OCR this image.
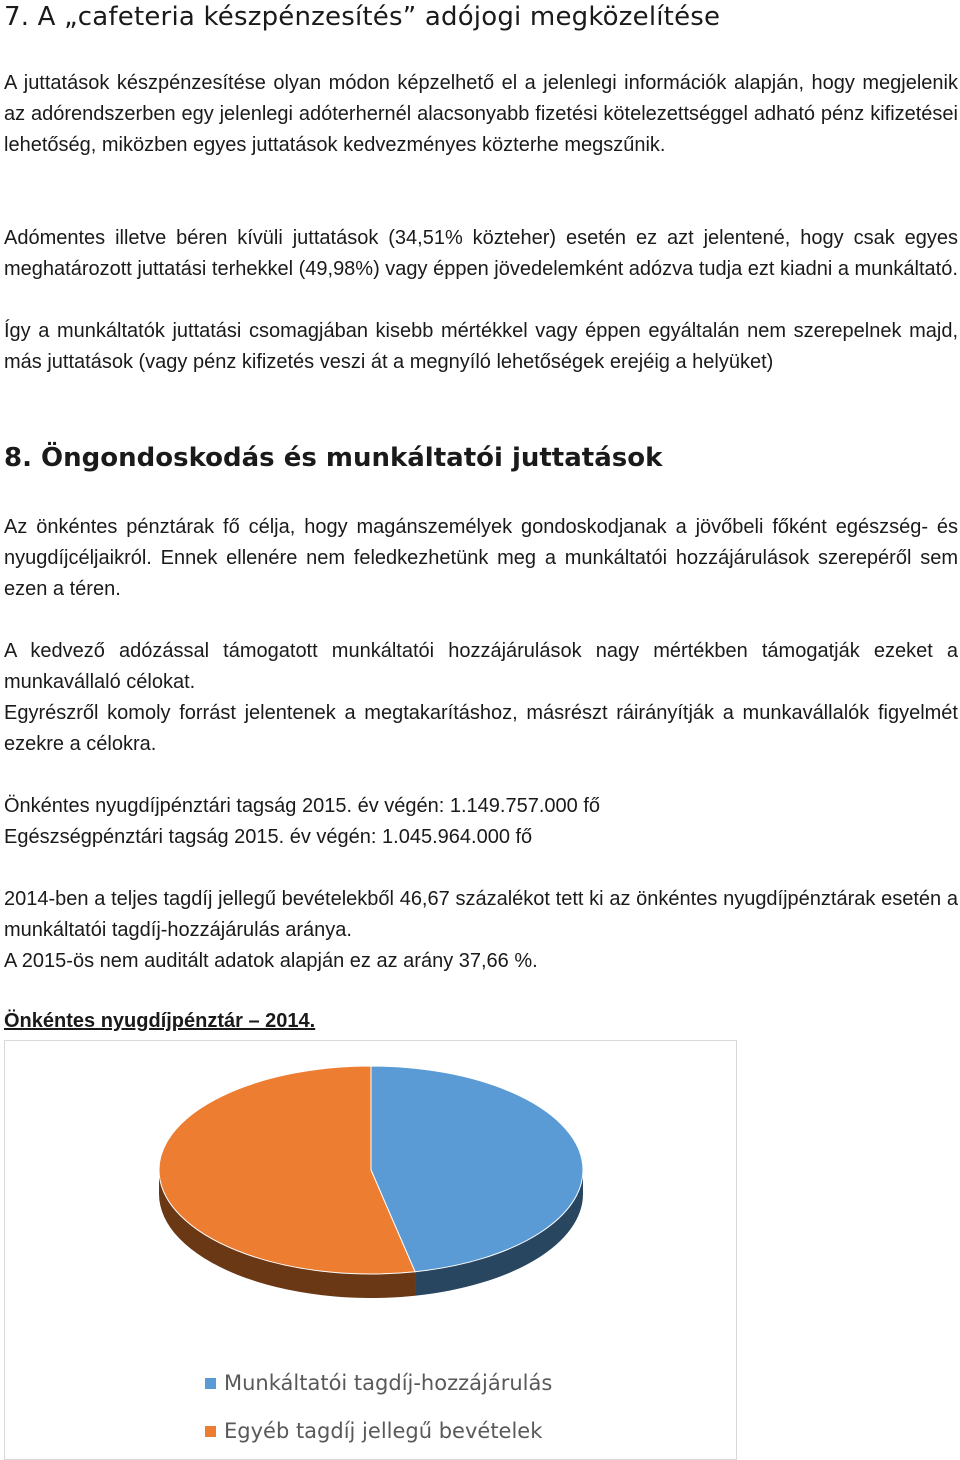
7. A „cafeteria készpénzesítés” adójogi megközelítése

A juttatások készpénzesítése olyan módon képzelhető el a jelenlegi információk alapján, hogy megjelenik az adórendszerben egy jelenlegi adóterhernél alacsonyabb fizetési kötelezettséggel adható pénz kifizetései lehetőség, miközben egyes juttatások kedvezményes közterhe megszűnik.

Adómentes illetve béren kívüli juttatások (34,51% közteher) esetén ez azt jelentené, hogy csak egyes meghatározott juttatási terhekkel (49,98%) vagy éppen jövedelemként adózva tudja ezt kiadni a munkáltató.

Így a munkáltatók juttatási csomagjában kisebb mértékkel vagy éppen egyáltalán nem szerepelnek majd, más juttatások (vagy pénz kifizetés veszi át a megnyíló lehetőségek erejéig a helyüket)

8. Öngondoskodás és munkáltatói juttatások

Az önkéntes pénztárak fő célja, hogy magánszemélyek gondoskodjanak a jövőbeli főként egészség- és nyugdíjcéljaikról. Ennek ellenére nem feledkezhetünk meg a munkáltatói hozzájárulások szerepéről sem ezen a téren.

A kedvező adózással támogatott munkáltatói hozzájárulások nagy mértékben támogatják ezeket a munkavállaló célokat.

Egyrészről komoly forrást jelentenek a megtakarításhoz, másrészt ráirányítják a munkavállalók figyelmét ezekre a célokra.

Önkéntes nyugdíjpénztári tagság 2015. év végén: 1.149.757.000 fő
Egészségpénztári tagság 2015. év végén: 1.045.964.000 fő

2014-ben a teljes tagdíj jellegű bevételekből 46,67 százalékot tett ki az önkéntes nyugdíjpénztárak esetén a munkáltatói tagdíj-hozzájárulás aránya.

A 2015-ös nem auditált adatok alapján ez az arány 37,66 %.
Önkéntes nyugdíjpénztár – 2014.
Munkáltatói tagdíj-hozzájárulás
Egyéb tagdíj jellegű bevételek
